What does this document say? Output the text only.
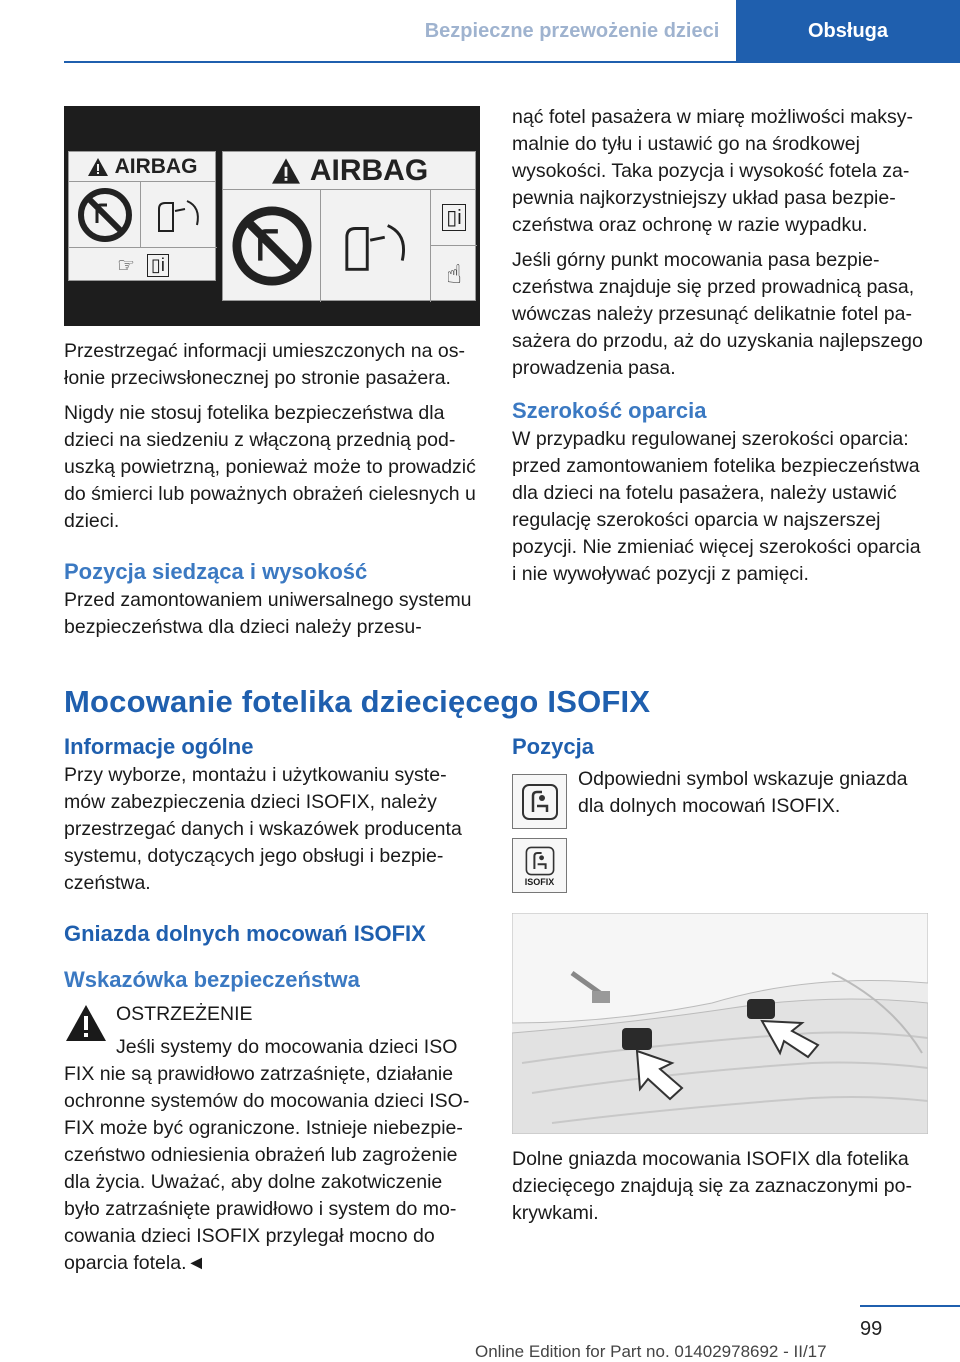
Bezpieczne przewożenie dzieci	Obsługa
AIRBAG
☞ ▯i
AIRBAG
▯i
☝

Przestrzegać informacji umieszczonych na osłonie przeciwsłonecznej po stronie pasażera.

Nigdy nie stosuj fotelika bezpieczeństwa dla dzieci na siedzeniu z włączoną przednią poduszką powietrzną, ponieważ może to prowadzić do śmierci lub poważnych obrażeń cielesnych u dzieci.

Pozycja siedząca i wysokość

Przed zamontowaniem uniwersalnego systemu bezpieczeństwa dla dzieci należy przesu-

nąć fotel pasażera w miarę możliwości maksymalnie do tyłu i ustawić go na środkowej wysokości. Taka pozycja i wysokość fotela zapewnia najkorzystniejszy układ pasa bezpieczeństwa oraz ochronę w razie wypadku.

Jeśli górny punkt mocowania pasa bezpieczeństwa znajduje się przed prowadnicą pasa, wówczas należy przesunąć delikatnie fotel pasażera do przodu, aż do uzyskania najlepszego prowadzenia pasa.

Szerokość oparcia

W przypadku regulowanej szerokości oparcia: przed zamontowaniem fotelika bezpieczeństwa dla dzieci na fotelu pasażera, należy ustawić regulację szerokości oparcia w najszerszej pozycji. Nie zmieniać więcej szerokości oparcia i nie wywoływać pozycji z pamięci.

Mocowanie fotelika dziecięcego ISOFIX
Informacje ogólne

Przy wyborze, montażu i użytkowaniu systemów zabezpieczenia dzieci ISOFIX, należy przestrzegać danych i wskazówek producenta systemu, dotyczących jego obsługi i bezpieczeństwa.

Gniazda dolnych mocowań ISOFIX
Wskazówka bezpieczeństwa

OSTRZEŻENIE

Jeśli systemy do mocowania dzieci ISO

FIX nie są prawidłowo zatrzaśnięte, działanie ochronne systemów do mocowania dzieci ISOFIX może być ograniczone. Istnieje niebezpieczeństwo odniesienia obrażeń lub zagrożenie dla życia. Uważać, aby dolne zakotwiczenie było zatrzaśnięte prawidłowo i system do mocowania dzieci ISOFIX przylegał mocno do oparcia fotela.◄

Pozycja

Odpowiedni symbol wskazuje gniazda dla dolnych mocowań ISOFIX.

ISOFIX

Dolne gniazda mocowania ISOFIX dla fotelika dziecięcego znajdują się za zaznaczonymi pokrywkami.

99
Online Edition for Part no. 01402978692 - II/17
